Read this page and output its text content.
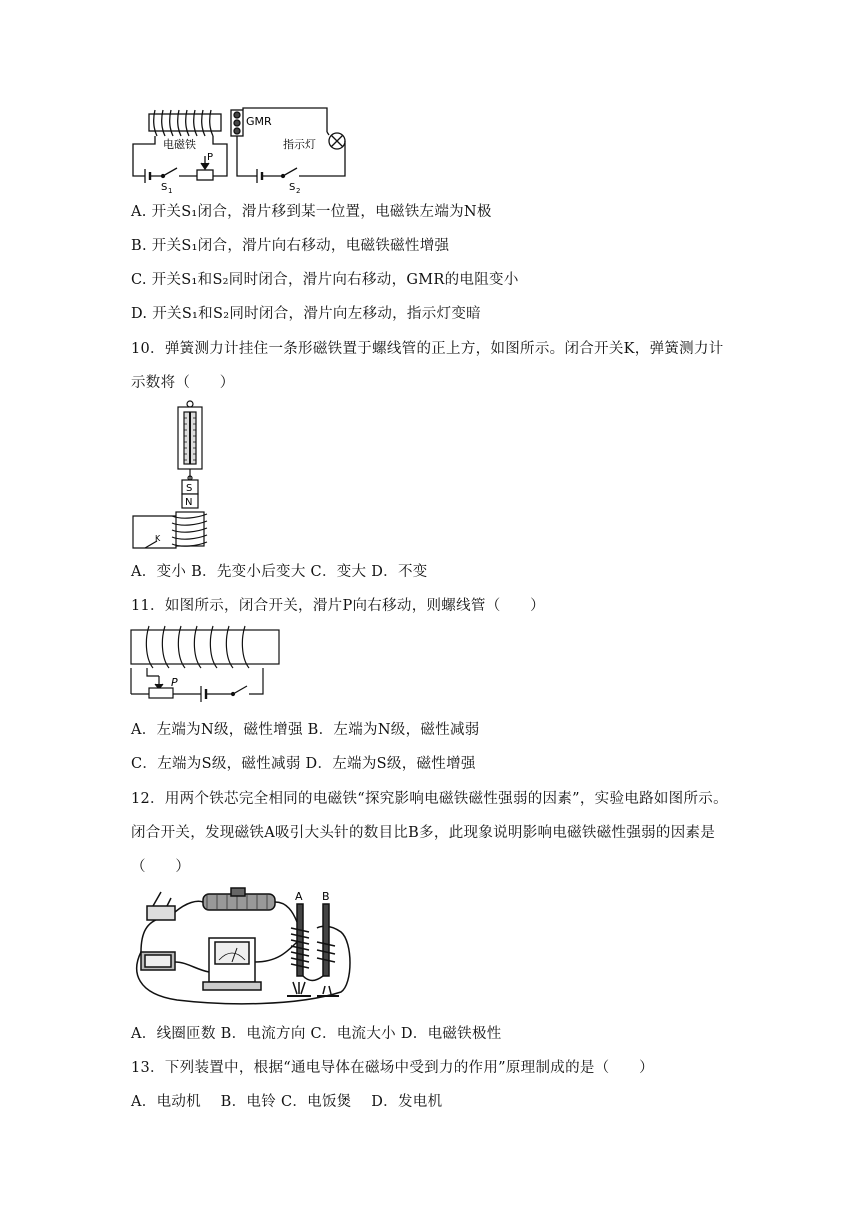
GMR
电磁铁
P
指示灯
S 1	S 2
A. 开关S₁闭合，滑片移到某一位置，电磁铁左端为N极
B. 开关S₁闭合，滑片向右移动，电磁铁磁性增强
C. 开关S₁和S₂同时闭合，滑片向右移动，GMR的电阻变小
D. 开关S₁和S₂同时闭合，滑片向左移动，指示灯变暗
10．弹簧测力计挂住一条形磁铁置于螺线管的正上方，如图所示。闭合开关K，弹簧测力计
示数将（　　）
S
N
K
A．变小 B．先变小后变大 C．变大 D．不变
11．如图所示，闭合开关，滑片P向右移动，则螺线管（　　）
P
A．左端为N级，磁性增强 B．左端为N级，磁性减弱
C．左端为S级，磁性减弱 D．左端为S级，磁性增强
12．用两个铁芯完全相同的电磁铁“探究影响电磁铁磁性强弱的因素”，实验电路如图所示。
闭合开关，发现磁铁A吸引大头针的数目比B多，此现象说明影响电磁铁磁性强弱的因素是
（　　）
A B
A．线圈匝数 B．电流方向 C．电流大小 D．电磁铁极性
13．下列装置中，根据“通电导体在磁场中受到力的作用”原理制成的是（　　）
A．电动机　 B．电铃 C．电饭煲　 D．发电机
